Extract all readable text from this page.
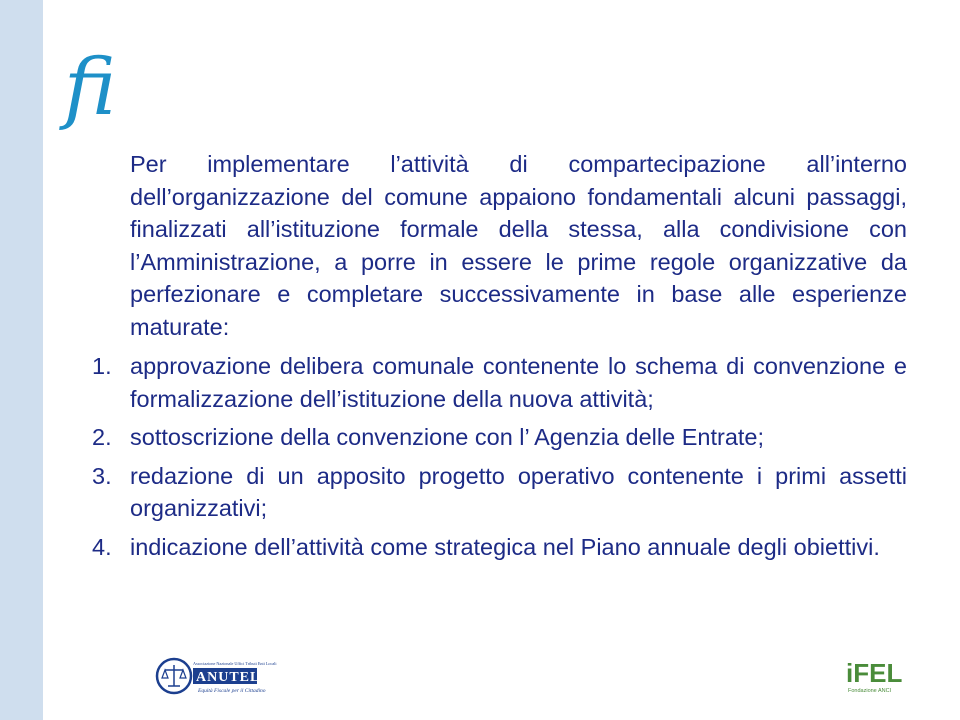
fi

Per implementare l’attività di compartecipazione all’interno dell’organizzazione del comune appaiono fondamentali alcuni passaggi, finalizzati all’istituzione formale della stessa, alla condivisione con l’Amministrazione, a porre in essere le prime regole organizzative da perfezionare e completare successivamente in base alle esperienze maturate:

1. approvazione delibera comunale contenente lo schema di convenzione e formalizzazione dell’istituzione della nuova attività;
2. sottoscrizione della convenzione con l’ Agenzia delle Entrate;
3. redazione di un apposito progetto operativo contenente i primi assetti organizzativi;
4. indicazione dell’attività come strategica nel Piano annuale degli obiettivi.
Associazione Nazionale Uffici Tributi Enti Locali
ANUTEL
Equità Fiscale per il Cittadino
iFEL
Fondazione ANCI
